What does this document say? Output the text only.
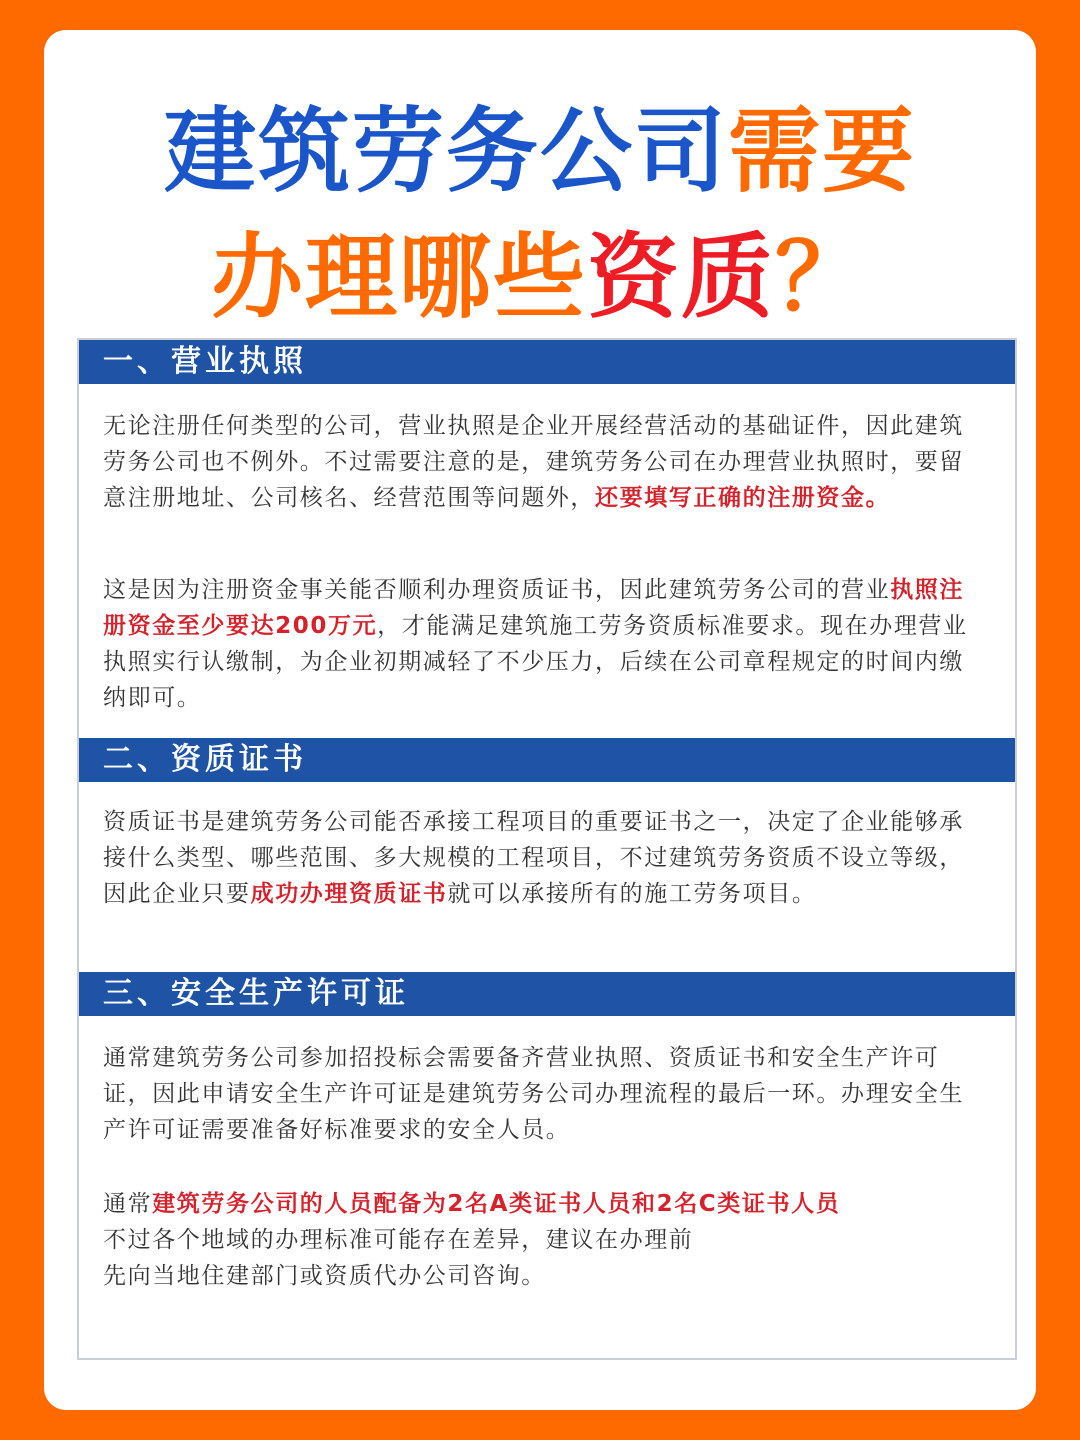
建筑劳务公司需要
办理哪些资质？
一、营业执照
无论注册任何类型的公司，营业执照是企业开展经营活动的基础证件，因此建筑劳务公司也不例外。不过需要注意的是，建筑劳务公司在办理营业执照时，要留意注册地址、公司核名、经营范围等问题外，还要填写正确的注册资金。
这是因为注册资金事关能否顺利办理资质证书，因此建筑劳务公司的营业执照注册资金至少要达200万元，才能满足建筑施工劳务资质标准要求。现在办理营业执照实行认缴制，为企业初期减轻了不少压力，后续在公司章程规定的时间内缴纳即可。
二、资质证书
资质证书是建筑劳务公司能否承接工程项目的重要证书之一，决定了企业能够承接什么类型、哪些范围、多大规模的工程项目，不过建筑劳务资质不设立等级，因此企业只要成功办理资质证书就可以承接所有的施工劳务项目。
三、安全生产许可证
通常建筑劳务公司参加招投标会需要备齐营业执照、资质证书和安全生产许可证，因此申请安全生产许可证是建筑劳务公司办理流程的最后一环。办理安全生产许可证需要准备好标准要求的安全人员。
通常建筑劳务公司的人员配备为2名A类证书人员和2名C类证书人员
不过各个地域的办理标准可能存在差异，建议在办理前
先向当地住建部门或资质代办公司咨询。
